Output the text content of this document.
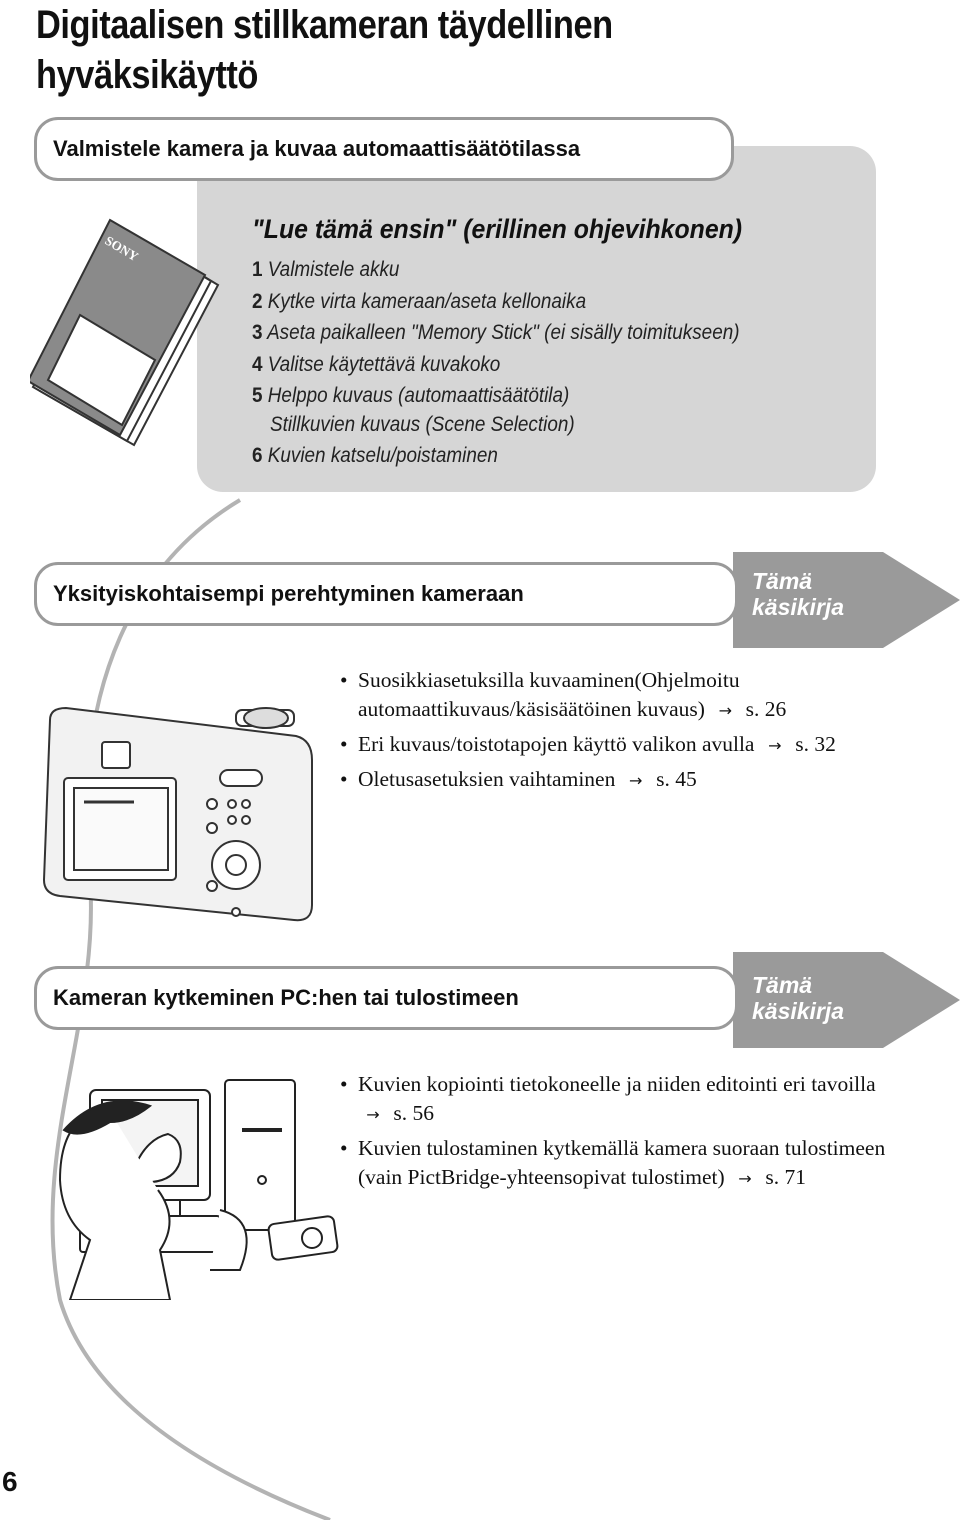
Digitaalisen stillkameran täydellinen
hyväksikäyttö
Valmistele kamera ja kuvaa automaattisäätötilassa
SONY
"Lue tämä ensin" (erillinen ohjevihkonen)
1 Valmistele akku
2 Kytke virta kameraan/aseta kellonaika
3 Aseta paikalleen "Memory Stick" (ei sisälly toimitukseen)
4 Valitse käytettävä kuvakoko
5 Helppo kuvaus (automaattisäätötila)
Stillkuvien kuvaus (Scene Selection)
6 Kuvien katselu/poistaminen
Tämä
käsikirja
Yksityiskohtaisempi perehtyminen kameraan
• Suosikkiasetuksilla kuvaaminen(Ohjelmoitu
automaattikuvaus/käsisäätöinen kuvaus) → s. 26
• Eri kuvaus/toistotapojen käyttö valikon avulla → s. 32
• Oletusasetuksien vaihtaminen → s. 45
Tämä
käsikirja
Kameran kytkeminen PC:hen tai tulostimeen
• Kuvien kopiointi tietokoneelle ja niiden editointi eri tavoilla
→ s. 56
• Kuvien tulostaminen kytkemällä kamera suoraan tulostimeen
(vain PictBridge-yhteensopivat tulostimet) → s. 71
6
